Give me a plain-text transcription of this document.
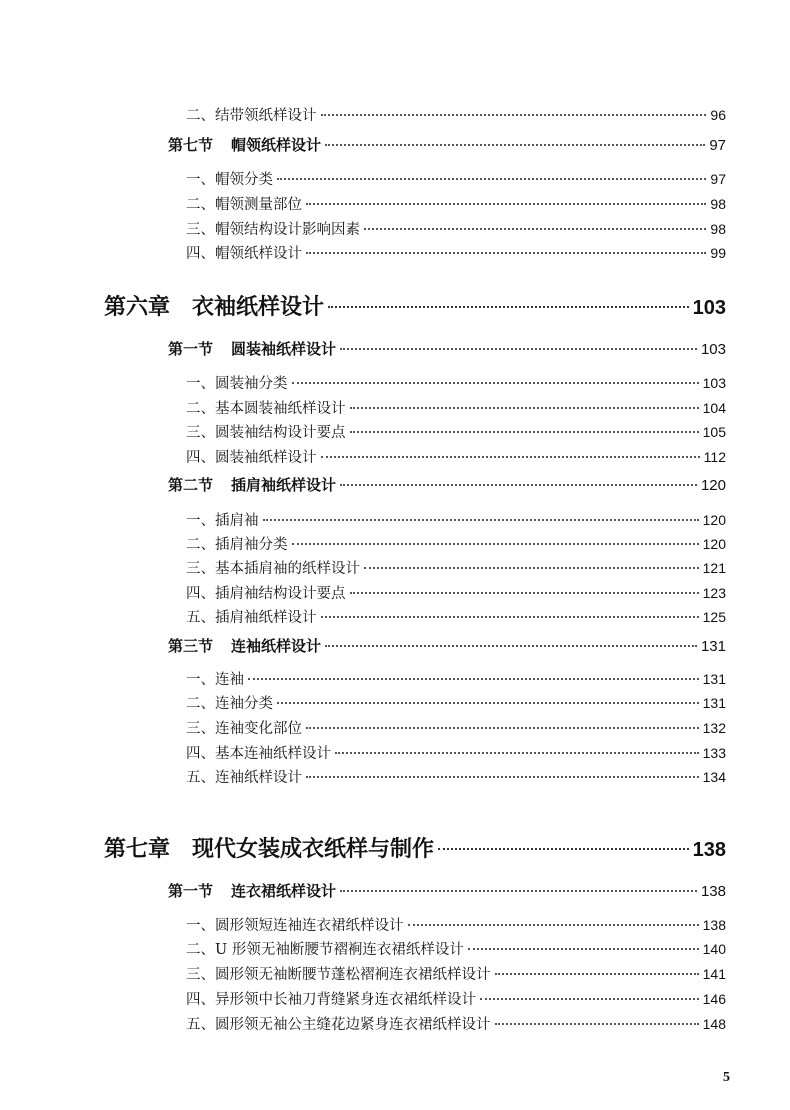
二、结带领纸样设计	96
第七节 帽领纸样设计	97
一、帽领分类	97
二、帽领测量部位	98
三、帽领结构设计影响因素	98
四、帽领纸样设计	99
第六章 衣袖纸样设计	103
第一节 圆装袖纸样设计	103
一、圆装袖分类	103
二、基本圆装袖纸样设计	104
三、圆装袖结构设计要点	105
四、圆装袖纸样设计	112
第二节 插肩袖纸样设计	120
一、插肩袖	120
二、插肩袖分类	120
三、基本插肩袖的纸样设计	121
四、插肩袖结构设计要点	123
五、插肩袖纸样设计	125
第三节 连袖纸样设计	131
一、连袖	131
二、连袖分类	131
三、连袖变化部位	132
四、基本连袖纸样设计	133
五、连袖纸样设计	134
第七章 现代女装成衣纸样与制作	138
第一节 连衣裙纸样设计	138
一、圆形领短连袖连衣裙纸样设计	138
二、U 形领无袖断腰节褶裥连衣裙纸样设计	140
三、圆形领无袖断腰节蓬松褶裥连衣裙纸样设计	141
四、异形领中长袖刀背缝紧身连衣裙纸样设计	146
五、圆形领无袖公主缝花边紧身连衣裙纸样设计	148
5
